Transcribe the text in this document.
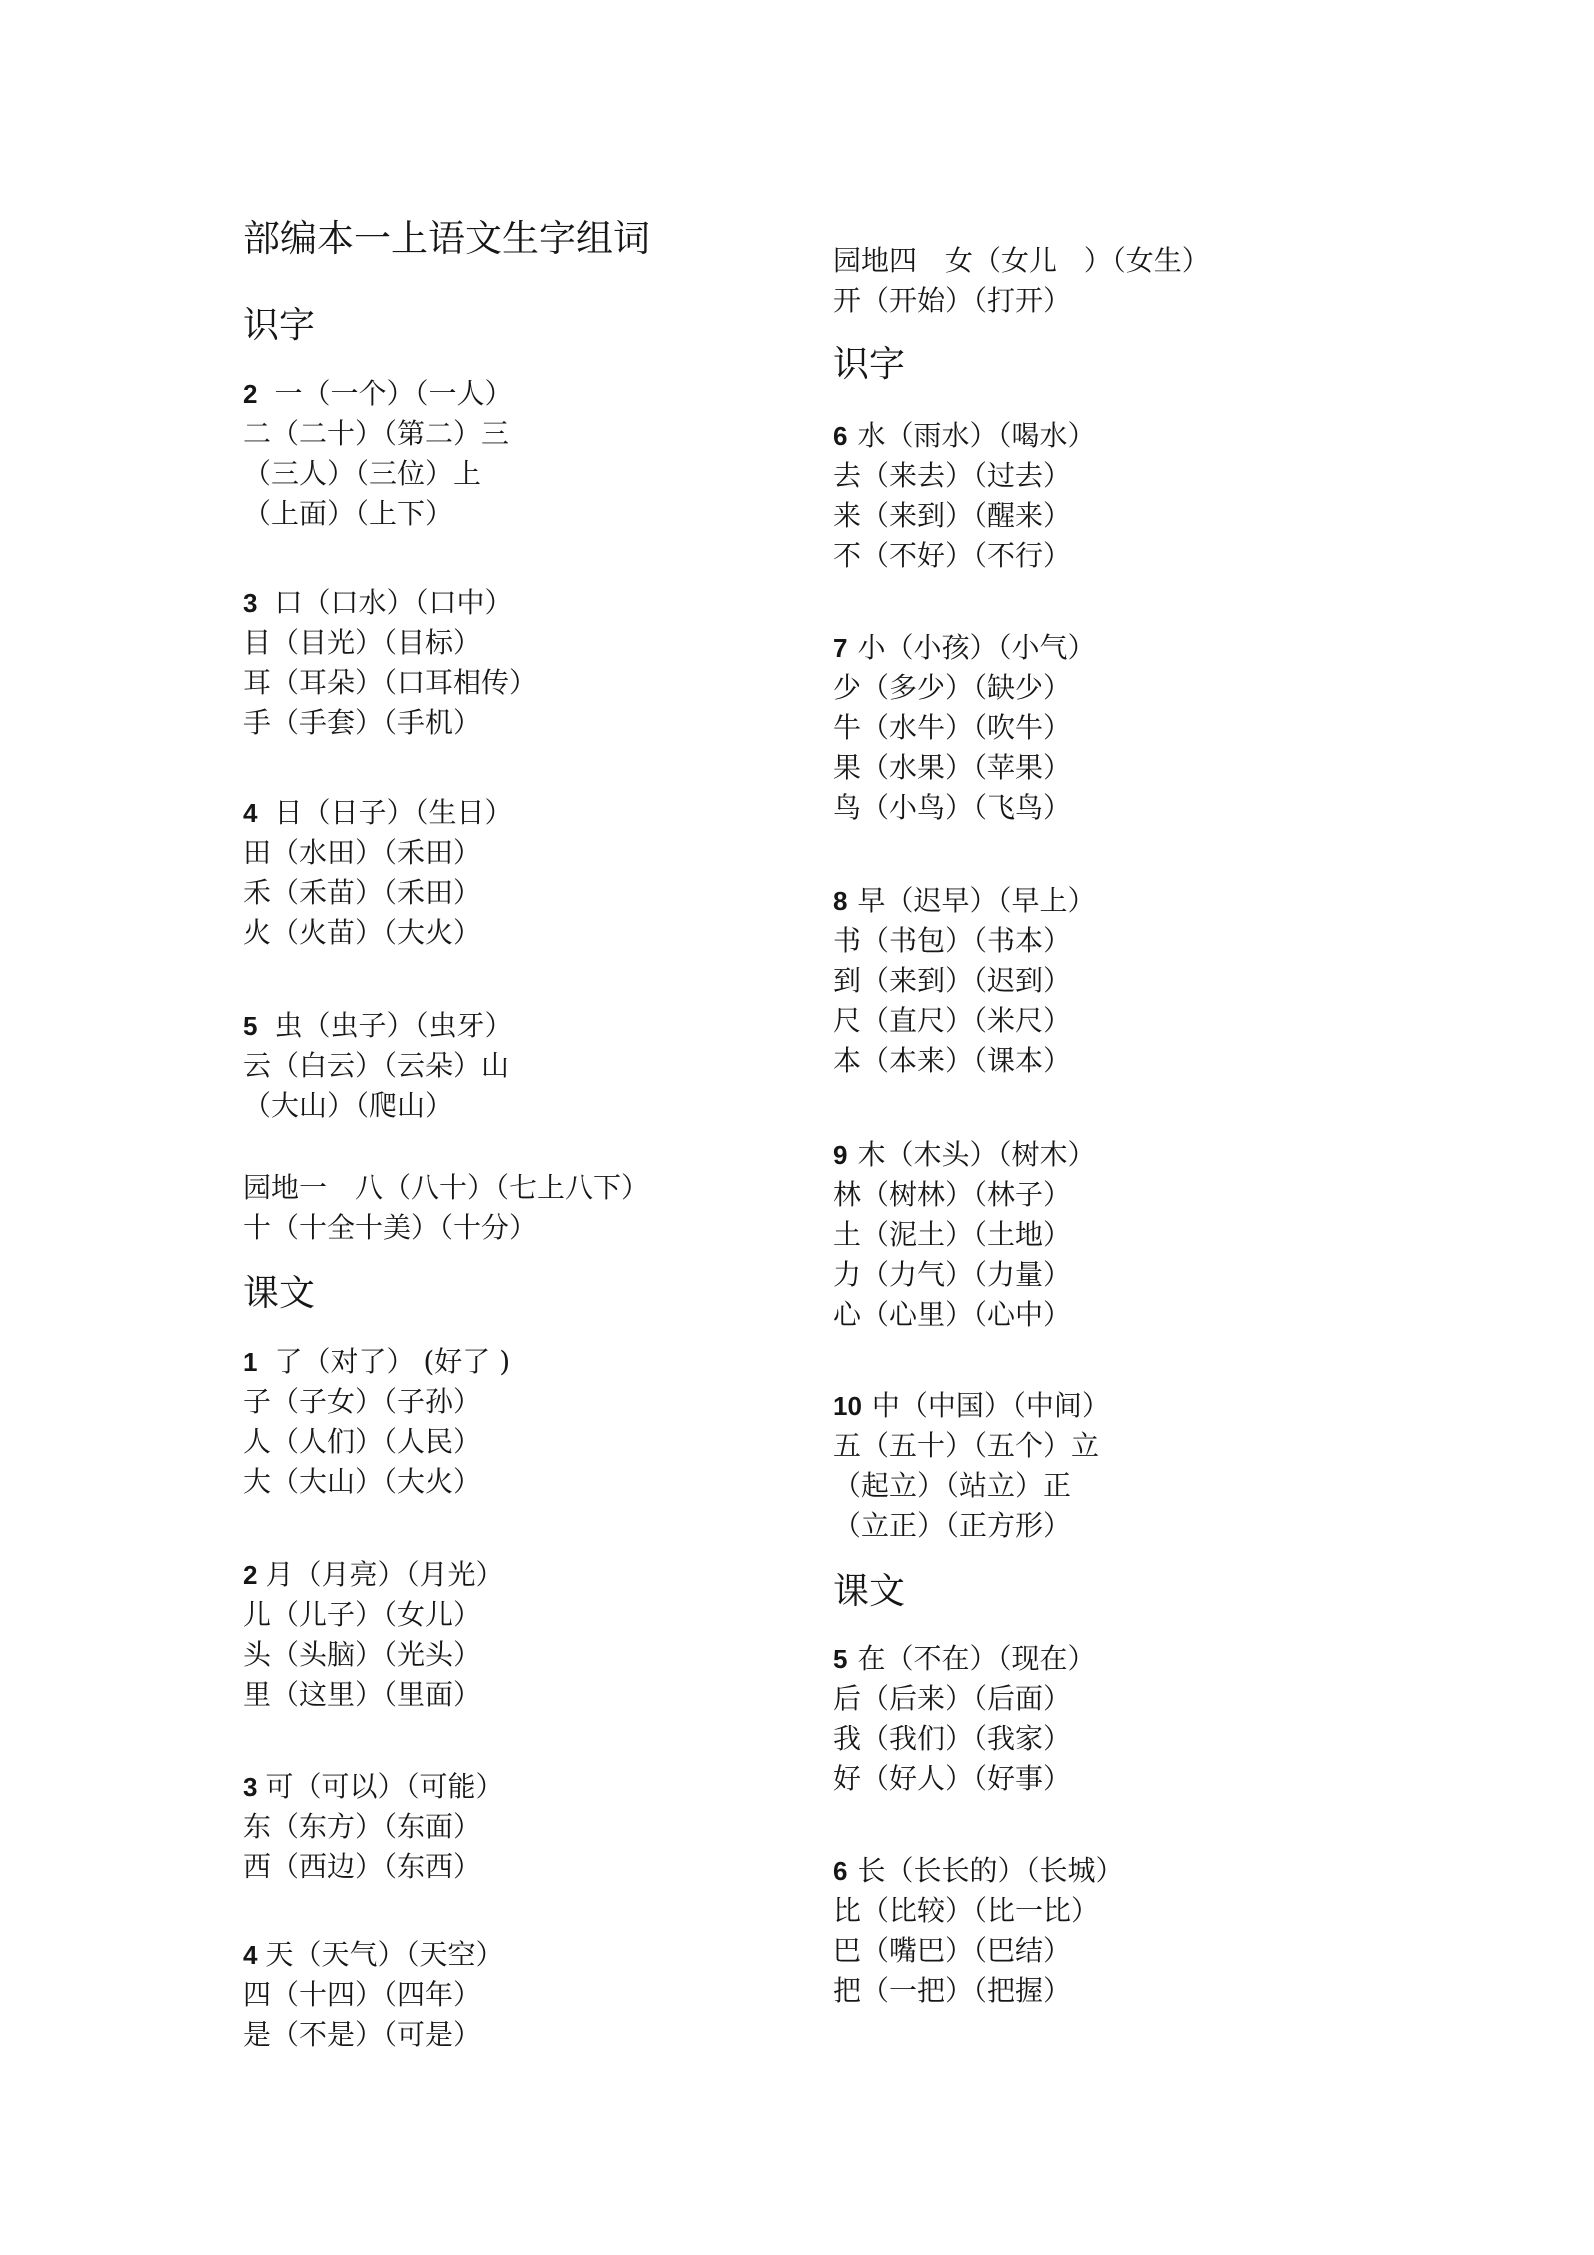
部编本一上语文生字组词
识字
2 一（一个）（一人）
二（二十）（第二）三
（三人）（三位）上
（上面）（上下）
3 口（口水）（口中）
目（目光）（目标）
耳（耳朵）（口耳相传）
手（手套）（手机）
4 日（日子）（生日）
田（水田）（禾田）
禾（禾苗）（禾田）
火（火苗）（大火）
5 虫（虫子）（虫牙）
云（白云）（云朵）山
（大山）（爬山）
园地一 八（八十）（七上八下）
十（十全十美）（十分）
课文
1 了（对了） (好了 )
子（子女）（子孙）
人（人们）（人民）
大（大山）（大火）
2 月（月亮）（月光）
儿（儿子）（女儿）
头（头脑）（光头）
里（这里）（里面）
3 可（可以）（可能）
东（东方）（东面）
西（西边）（东西）
4 天（天气）（天空）
四（十四）（四年）
是（不是）（可是）
园地四 女（女儿   ）（女生）
开（开始）（打开）
识字
6 水（雨水）（喝水）
去（来去）（过去）
来（来到）（醒来）
不（不好）（不行）
7 小（小孩）（小气）
少（多少）（缺少）
牛（水牛）（吹牛）
果（水果）（苹果）
鸟（小鸟）（飞鸟）
8 早（迟早）（早上）
书（书包）（书本）
到（来到）（迟到）
尺（直尺）（米尺）
本（本来）（课本）
9 木（木头）（树木）
林（树林）（林子）
土（泥土）（土地）
力（力气）（力量）
心（心里）（心中）
10 中（中国）（中间）
五（五十）（五个）立
（起立）（站立）正
（立正）（正方形）
课文
5 在（不在）（现在）
后（后来）（后面）
我（我们）（我家）
好（好人）（好事）
6 长（长长的）（长城）
比（比较）（比一比）
巴（嘴巴）（巴结）
把（一把）（把握）
